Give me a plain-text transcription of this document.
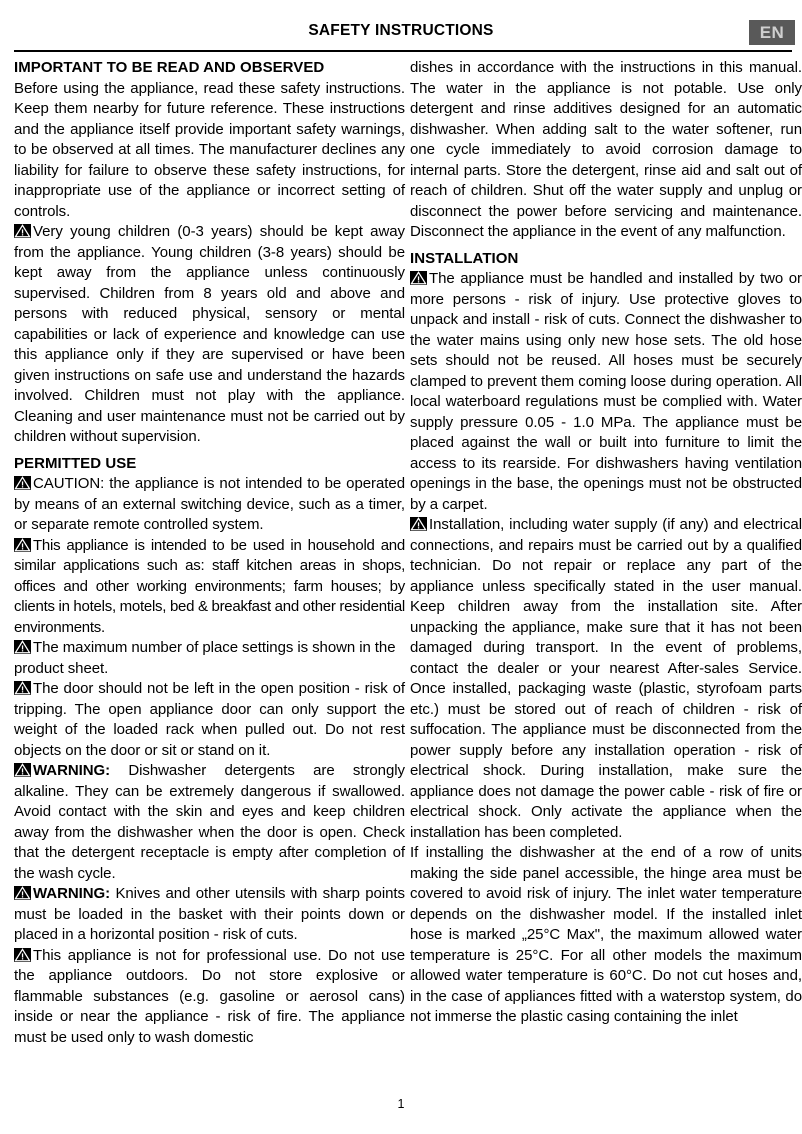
SAFETY INSTRUCTIONS	EN
IMPORTANT TO BE READ AND OBSERVED

Before using the appliance, read these safety instructions. Keep them nearby for future reference. These instructions and the appliance itself provide important safety warnings, to be observed at all times. The manufacturer declines any liability for failure to observe these safety instructions, for inappropriate use of the appliance or incorrect setting of controls.

Very young children (0-3 years) should be kept away from the appliance. Young children (3-8 years) should be kept away from the appliance unless continuously supervised. Children from 8 years old and above and persons with reduced physical, sensory or mental capabilities or lack of experience and knowledge can use this appliance only if they are supervised or have been given instructions on safe use and understand the hazards involved. Children must not play with the appliance. Cleaning and user maintenance must not be carried out by children without supervision.

PERMITTED USE

CAUTION: the appliance is not intended to be operated by means of an external switching device, such as a timer, or separate remote controlled system.

This appliance is intended to be used in household and similar applications such as: staff kitchen areas in shops, offices and other working environments; farm houses; by clients in hotels, motels, bed & breakfast and other residential environments.

The maximum number of place settings is shown in the product sheet.

The door should not be left in the open position - risk of tripping. The open appliance door can only support the weight of the loaded rack when pulled out. Do not rest objects on the door or sit or stand on it.

WARNING: Dishwasher detergents are strongly alkaline. They can be extremely dangerous if swallowed. Avoid contact with the skin and eyes and keep children away from the dishwasher when the door is open. Check that the detergent receptacle is empty after completion of the wash cycle.

WARNING: Knives and other utensils with sharp points must be loaded in the basket with their points down or placed in a horizontal position - risk of cuts.

This appliance is not for professional use. Do not use the appliance outdoors. Do not store explosive or flammable substances (e.g. gasoline or aerosol cans) inside or near the appliance - risk of fire. The appliance must be used only to wash domestic

dishes in accordance with the instructions in this manual. The water in the appliance is not potable. Use only detergent and rinse additives designed for an automatic dishwasher. When adding salt to the water softener, run one cycle immediately to avoid corrosion damage to internal parts. Store the detergent, rinse aid and salt out of reach of children. Shut off the water supply and unplug or disconnect the power before servicing and maintenance. Disconnect the appliance in the event of any malfunction.

INSTALLATION

The appliance must be handled and installed by two or more persons - risk of injury. Use protective gloves to unpack and install - risk of cuts. Connect the dishwasher to the water mains using only new hose sets. The old hose sets should not be reused. All hoses must be securely clamped to prevent them coming loose during operation. All local waterboard regulations must be complied with. Water supply pressure 0.05 - 1.0 MPa. The appliance must be placed against the wall or built into furniture to limit the access to its rearside. For dishwashers having ventilation openings in the base, the openings must not be obstructed by a carpet.

Installation, including water supply (if any) and electrical connections, and repairs must be carried out by a qualified technician. Do not repair or replace any part of the appliance unless specifically stated in the user manual. Keep children away from the installation site. After unpacking the appliance, make sure that it has not been damaged during transport. In the event of problems, contact the dealer or your nearest After-sales Service. Once installed, packaging waste (plastic, styrofoam parts etc.) must be stored out of reach of children - risk of suffocation. The appliance must be disconnected from the power supply before any installation operation - risk of electrical shock. During installation, make sure the appliance does not damage the power cable - risk of fire or electrical shock. Only activate the appliance when the installation has been completed.

If installing the dishwasher at the end of a row of units making the side panel accessible, the hinge area must be covered to avoid risk of injury. The inlet water temperature depends on the dishwasher model. If the installed inlet hose is marked „25°C Max", the maximum allowed water temperature is 25°C. For all other models the maximum allowed water temperature is 60°C. Do not cut hoses and, in the case of appliances fitted with a waterstop system, do not immerse the plastic casing containing the inlet

1
